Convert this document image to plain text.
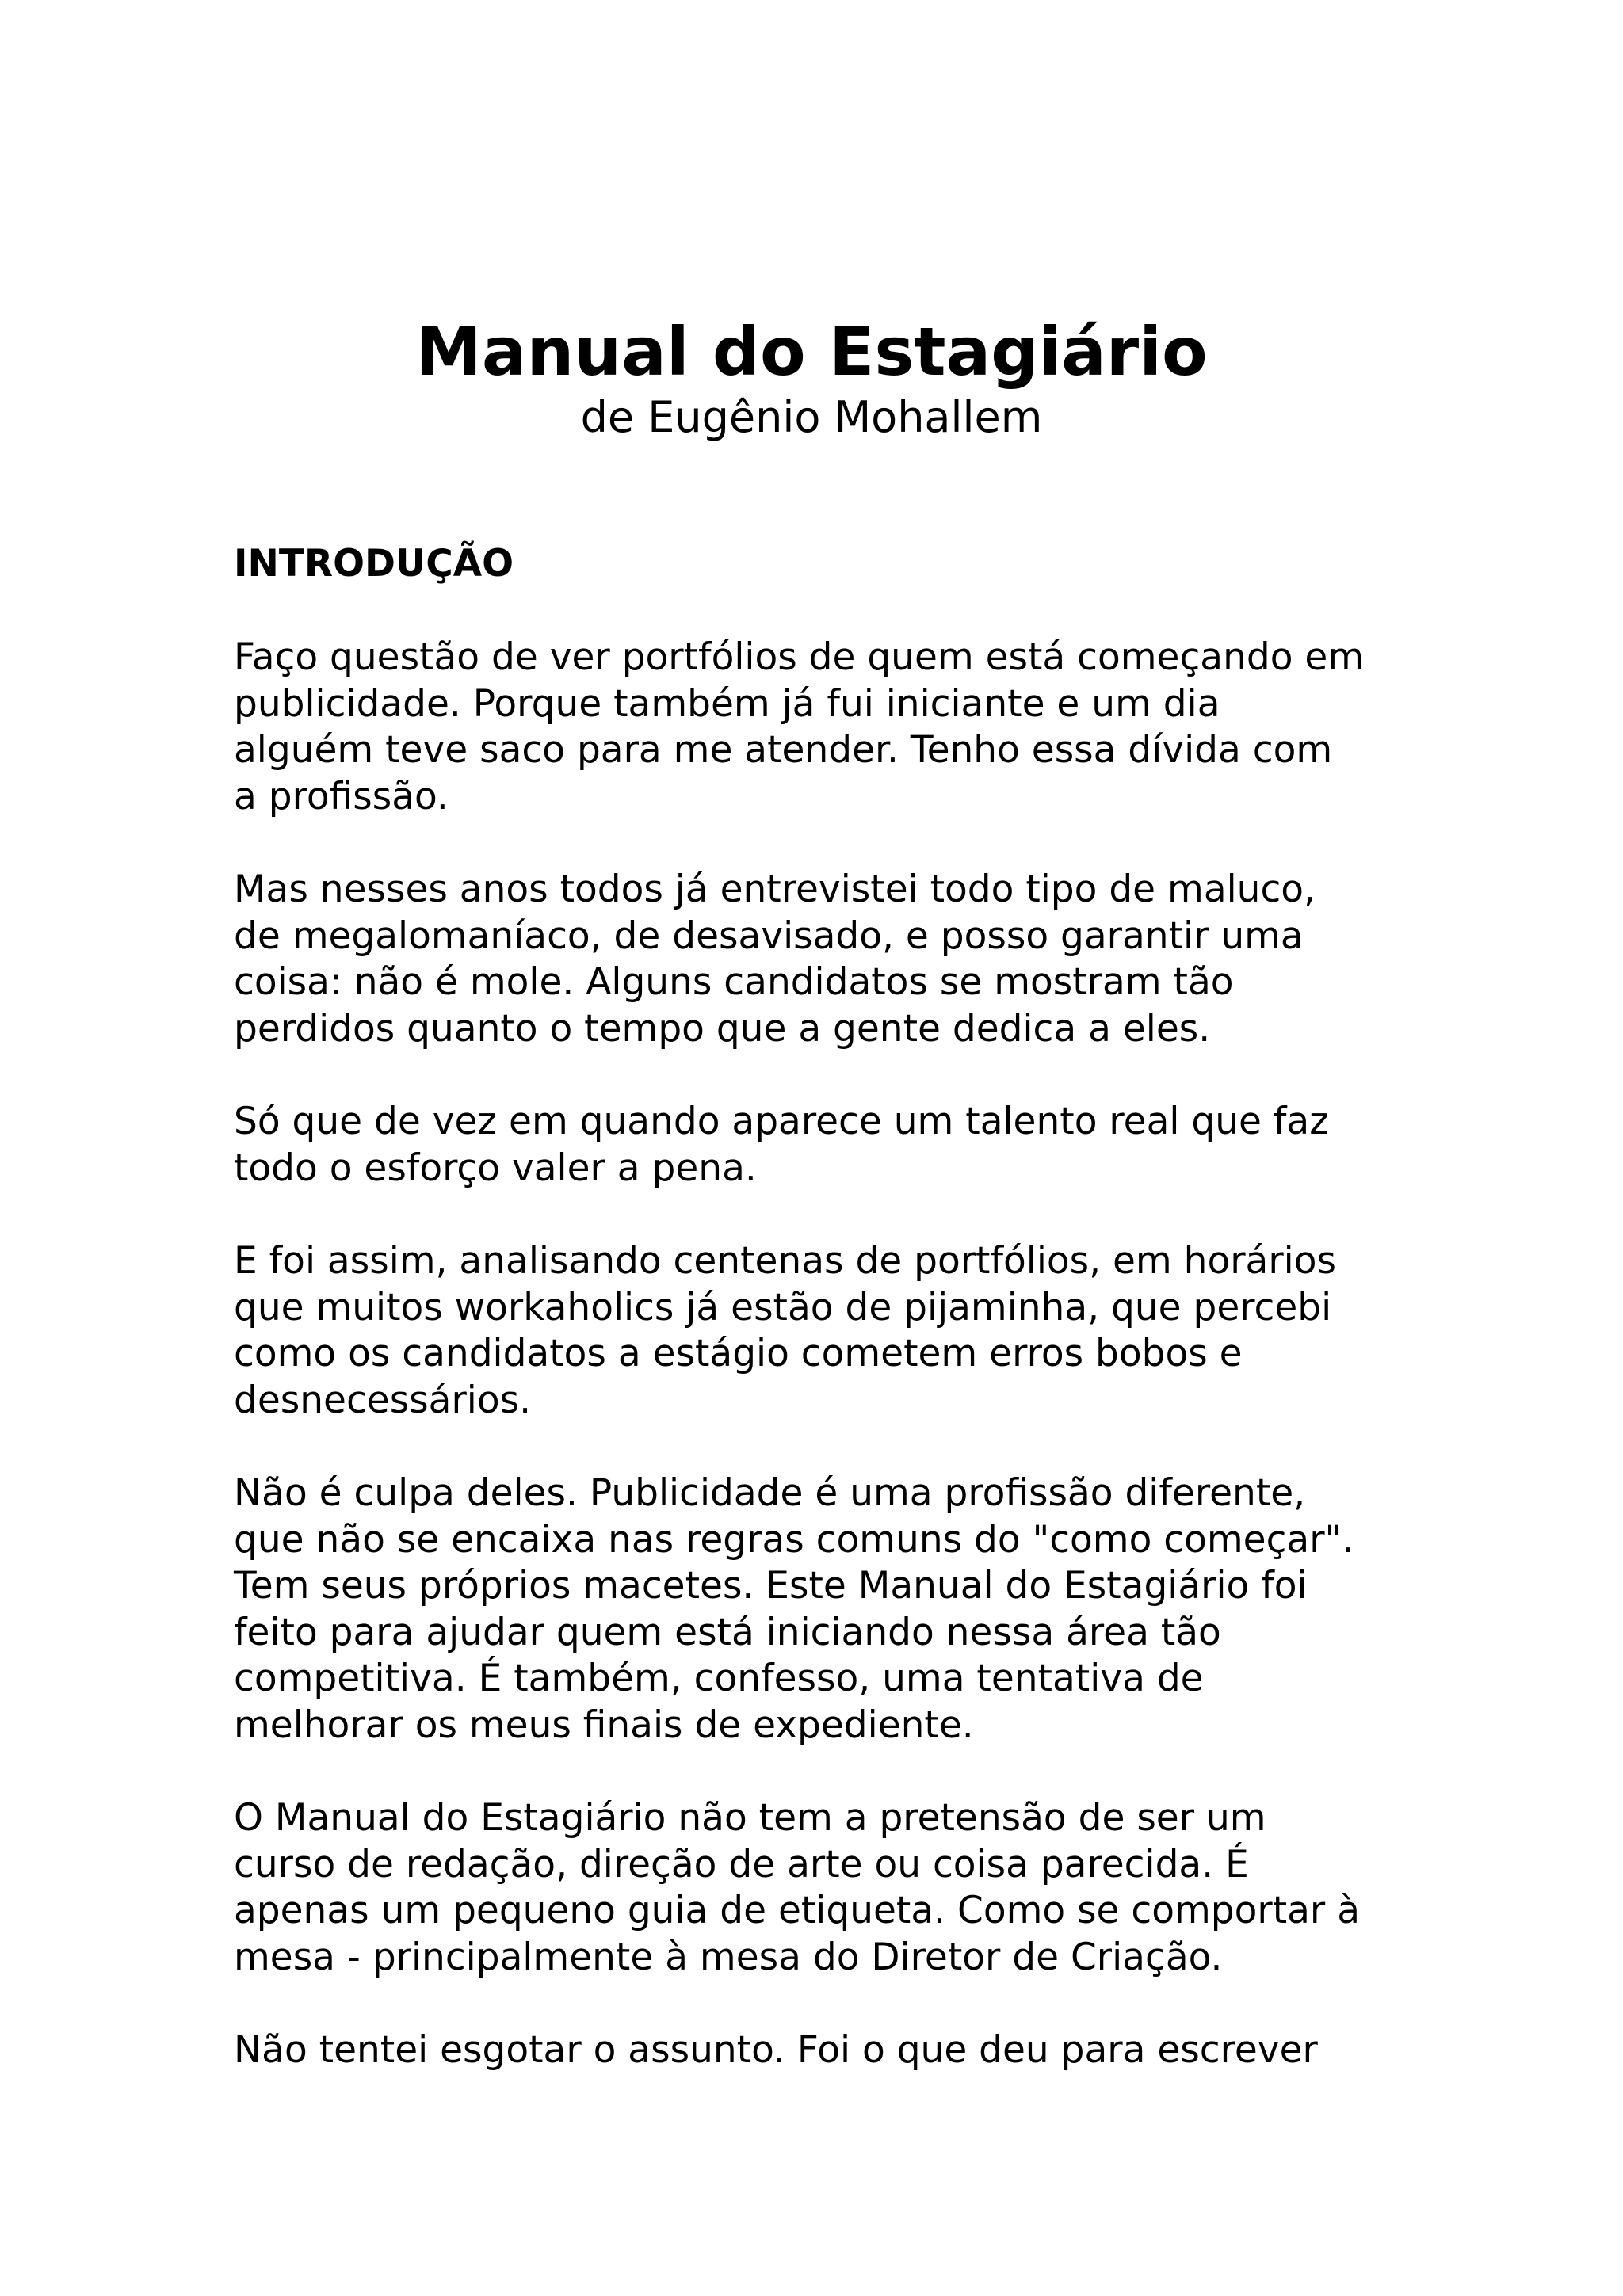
Manual do Estagiário
de Eugênio Mohallem
INTRODUÇÃO

Faço questão de ver portfólios de quem está começando em
publicidade. Porque também já fui iniciante e um dia
alguém teve saco para me atender. Tenho essa dívida com
a profissão.

Mas nesses anos todos já entrevistei todo tipo de maluco,
de megalomaníaco, de desavisado, e posso garantir uma
coisa: não é mole. Alguns candidatos se mostram tão
perdidos quanto o tempo que a gente dedica a eles.

Só que de vez em quando aparece um talento real que faz
todo o esforço valer a pena.

E foi assim, analisando centenas de portfólios, em horários
que muitos workaholics já estão de pijaminha, que percebi
como os candidatos a estágio cometem erros bobos e
desnecessários.

Não é culpa deles. Publicidade é uma profissão diferente,
que não se encaixa nas regras comuns do "como começar".
Tem seus próprios macetes. Este Manual do Estagiário foi
feito para ajudar quem está iniciando nessa área tão
competitiva. É também, confesso, uma tentativa de
melhorar os meus finais de expediente.

O Manual do Estagiário não tem a pretensão de ser um
curso de redação, direção de arte ou coisa parecida. É
apenas um pequeno guia de etiqueta. Como se comportar à
mesa - principalmente à mesa do Diretor de Criação.

Não tentei esgotar o assunto. Foi o que deu para escrever
